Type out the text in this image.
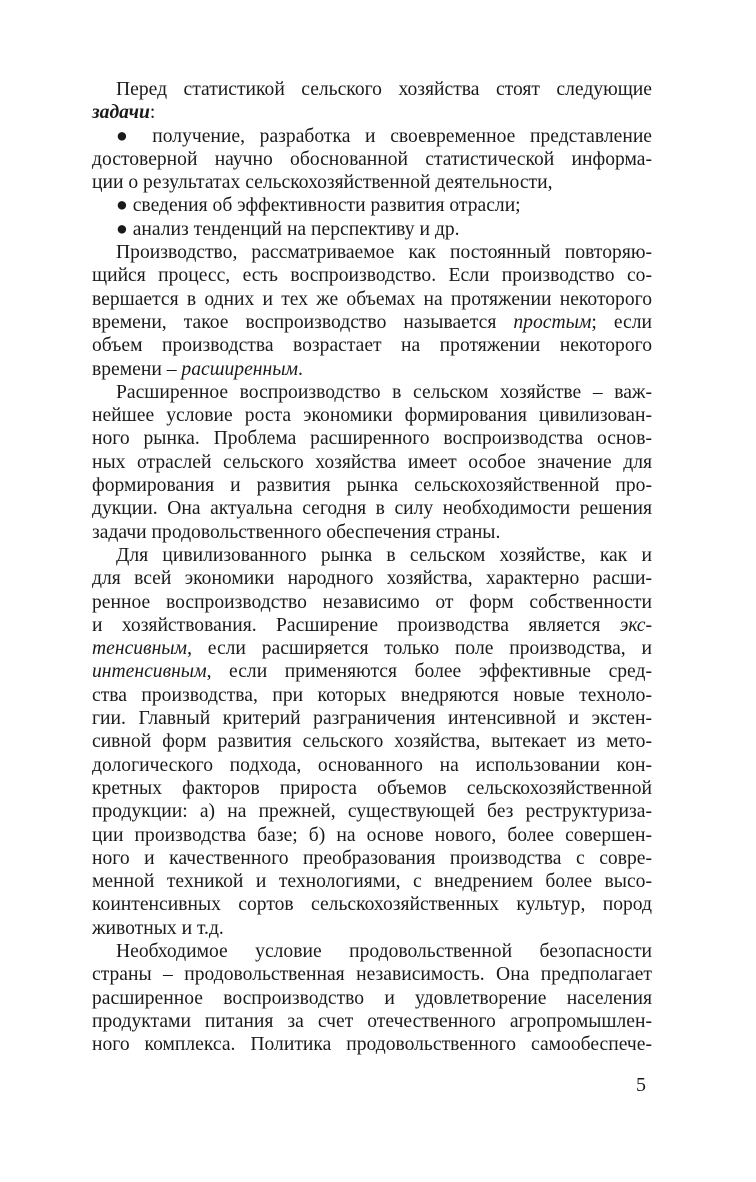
Перед статистикой сельского хозяйства стоят следующие
задачи:
● получение, разработка и своевременное представление
достоверной научно обоснованной статистической информа-
ции о результатах сельскохозяйственной деятельности,
● сведения об эффективности развития отрасли;
● анализ тенденций на перспективу и др.
Производство, рассматриваемое как постоянный повторяю-
щийся процесс, есть воспроизводство. Если производство со-
вершается в одних и тех же объемах на протяжении некоторого
времени, такое воспроизводство называется простым; если
объем производства возрастает на протяжении некоторого
времени – расширенным.
Расширенное воспроизводство в сельском хозяйстве – важ-
нейшее условие роста экономики формирования цивилизован-
ного рынка. Проблема расширенного воспроизводства основ-
ных отраслей сельского хозяйства имеет особое значение для
формирования и развития рынка сельскохозяйственной про-
дукции. Она актуальна сегодня в силу необходимости решения
задачи продовольственного обеспечения страны.
Для цивилизованного рынка в сельском хозяйстве, как и
для всей экономики народного хозяйства, характерно расши-
ренное воспроизводство независимо от форм собственности
и хозяйствования. Расширение производства является экс-
тенсивным, если расширяется только поле производства, и
интенсивным, если применяются более эффективные сред-
ства производства, при которых внедряются новые техноло-
гии. Главный критерий разграничения интенсивной и экстен-
сивной форм развития сельского хозяйства, вытекает из мето-
дологического подхода, основанного на использовании кон-
кретных факторов прироста объемов сельскохозяйственной
продукции: а) на прежней, существующей без реструктуриза-
ции производства базе; б) на основе нового, более совершен-
ного и качественного преобразования производства с совре-
менной техникой и технологиями, с внедрением более высо-
коинтенсивных сортов сельскохозяйственных культур, пород
животных и т.д.
Необходимое условие продовольственной безопасности
страны – продовольственная независимость. Она предполагает
расширенное воспроизводство и удовлетворение населения
продуктами питания за счет отечественного агропромышлен-
ного комплекса. Политика продовольственного самообеспече-
5
